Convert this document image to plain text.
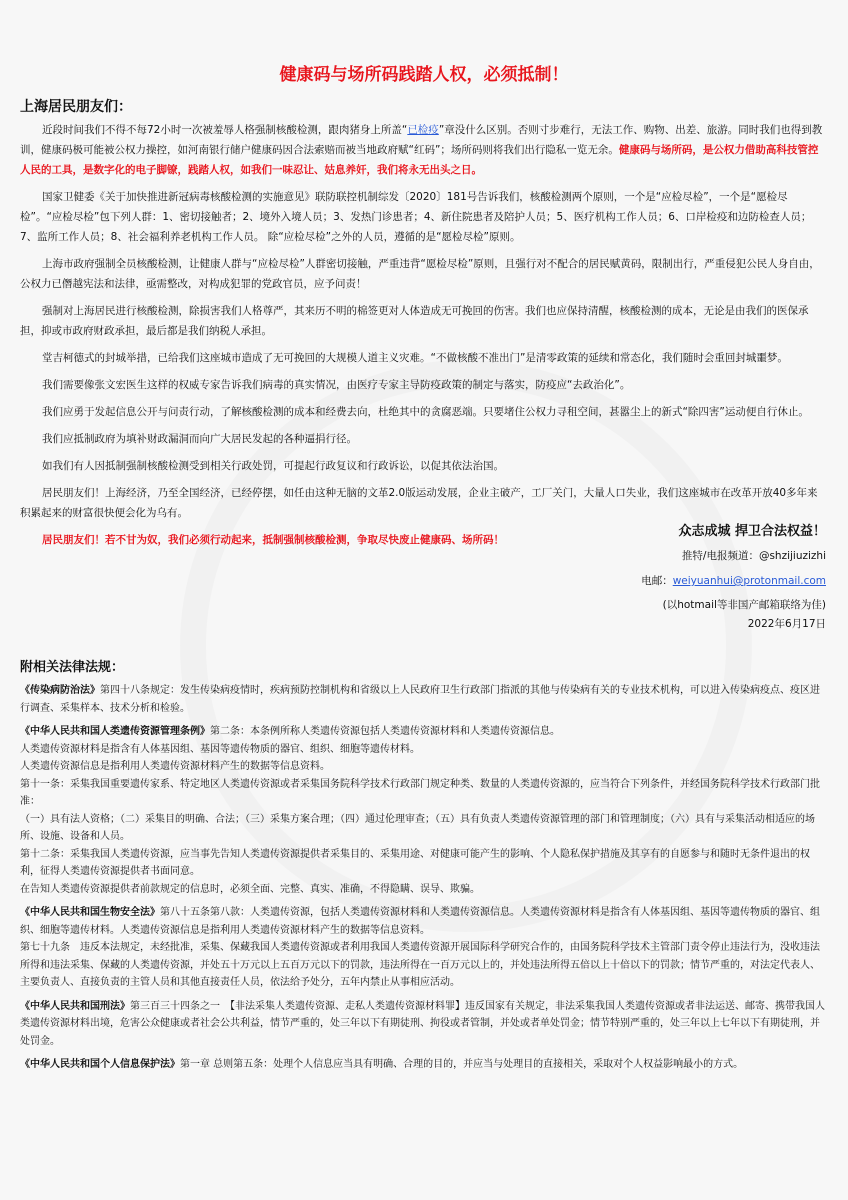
健康码与场所码践踏人权，必须抵制！
上海居民朋友们：

近段时间我们不得不每72小时一次被羞辱人格强制核酸检测，跟肉猪身上所盖“已检疫”章没什么区别。否则寸步难行，无法工作、购物、出差、旅游。同时我们也得到教训，健康码极可能被公权力操控，如河南银行储户健康码因合法索赔而被当地政府赋“红码”；场所码则将我们出行隐私一览无余。健康码与场所码，是公权力借助高科技管控人民的工具，是数字化的电子脚镣，践踏人权，如我们一味忍让、姑息养奸，我们将永无出头之日。

国家卫健委《关于加快推进新冠病毒核酸检测的实施意见》联防联控机制综发〔2020〕181号告诉我们，核酸检测两个原则，一个是“应检尽检”，一个是“愿检尽检”。“应检尽检”包下列人群：1、密切接触者；2、境外入境人员；3、发热门诊患者；4、新住院患者及陪护人员；5、医疗机构工作人员；6、口岸检疫和边防检查人员；7、监所工作人员；8、社会福利养老机构工作人员。 除“应检尽检”之外的人员，遵循的是“愿检尽检”原则。

上海市政府强制全员核酸检测，让健康人群与“应检尽检”人群密切接触，严重违背“愿检尽检”原则，且强行对不配合的居民赋黄码，限制出行，严重侵犯公民人身自由，公权力已僭越宪法和法律，亟需整改，对构成犯罪的党政官员，应予问责！

强制对上海居民进行核酸检测，除损害我们人格尊严，其来历不明的棉签更对人体造成无可挽回的伤害。我们也应保持清醒，核酸检测的成本，无论是由我们的医保承担，抑或市政府财政承担，最后都是我们纳税人承担。

堂吉柯德式的封城举措，已给我们这座城市造成了无可挽回的大规模人道主义灾难。“不做核酸不准出门”是清零政策的延续和常态化，我们随时会重回封城噩梦。

我们需要像张文宏医生这样的权威专家告诉我们病毒的真实情况，由医疗专家主导防疫政策的制定与落实，防疫应“去政治化”。

我们应勇于发起信息公开与问责行动，了解核酸检测的成本和经费去向，杜绝其中的贪腐恶端。只要堵住公权力寻租空间，甚嚣尘上的新式“除四害”运动便自行休止。

我们应抵制政府为填补财政漏洞而向广大居民发起的各种逼捐行径。

如我们有人因抵制强制核酸检测受到相关行政处罚，可提起行政复议和行政诉讼，以促其依法治国。

居民朋友们！上海经济，乃至全国经济，已经停摆，如任由这种无脑的文革2.0版运动发展，企业主破产，工厂关门，大量人口失业，我们这座城市在改革开放40多年来积累起来的财富很快便会化为乌有。

居民朋友们！若不甘为奴，我们必须行动起来，抵制强制核酸检测，争取尽快废止健康码、场所码！

众志成城 捍卫合法权益！
推特/电报频道：@shzijiuzizhi
电邮：weiyuanhui@protonmail.com
(以hotmail等非国产邮箱联络为佳)
2022年6月17日
附相关法律法规：

《传染病防治法》第四十八条规定：发生传染病疫情时，疾病预防控制机构和省级以上人民政府卫生行政部门指派的其他与传染病有关的专业技术机构，可以进入传染病疫点、疫区进行调查、采集样本、技术分析和检验。

《中华人民共和国人类遗传资源管理条例》第二条：本条例所称人类遗传资源包括人类遗传资源材料和人类遗传资源信息。

人类遗传资源材料是指含有人体基因组、基因等遗传物质的器官、组织、细胞等遗传材料。

人类遗传资源信息是指利用人类遗传资源材料产生的数据等信息资料。

第十一条：采集我国重要遗传家系、特定地区人类遗传资源或者采集国务院科学技术行政部门规定种类、数量的人类遗传资源的，应当符合下列条件，并经国务院科学技术行政部门批准：

（一）具有法人资格；（二）采集目的明确、合法；（三）采集方案合理；（四）通过伦理审查；（五）具有负责人类遗传资源管理的部门和管理制度；（六）具有与采集活动相适应的场所、设施、设备和人员。

第十二条：采集我国人类遗传资源，应当事先告知人类遗传资源提供者采集目的、采集用途、对健康可能产生的影响、个人隐私保护措施及其享有的自愿参与和随时无条件退出的权利，征得人类遗传资源提供者书面同意。

在告知人类遗传资源提供者前款规定的信息时，必须全面、完整、真实、准确，不得隐瞒、误导、欺骗。

《中华人民共和国生物安全法》第八十五条第八款：人类遗传资源，包括人类遗传资源材料和人类遗传资源信息。人类遗传资源材料是指含有人体基因组、基因等遗传物质的器官、组织、细胞等遗传材料。人类遗传资源信息是指利用人类遗传资源材料产生的数据等信息资料。

第七十九条　违反本法规定，未经批准，采集、保藏我国人类遗传资源或者利用我国人类遗传资源开展国际科学研究合作的，由国务院科学技术主管部门责令停止违法行为，没收违法所得和违法采集、保藏的人类遗传资源，并处五十万元以上五百万元以下的罚款，违法所得在一百万元以上的，并处违法所得五倍以上十倍以下的罚款；情节严重的，对法定代表人、主要负责人、直接负责的主管人员和其他直接责任人员，依法给予处分，五年内禁止从事相应活动。

《中华人民共和国刑法》第三百三十四条之一　【非法采集人类遗传资源、走私人类遗传资源材料罪】违反国家有关规定，非法采集我国人类遗传资源或者非法运送、邮寄、携带我国人类遗传资源材料出境，危害公众健康或者社会公共利益，情节严重的，处三年以下有期徒刑、拘役或者管制，并处或者单处罚金；情节特别严重的，处三年以上七年以下有期徒刑，并处罚金。

《中华人民共和国个人信息保护法》第一章 总则第五条：处理个人信息应当具有明确、合理的目的，并应当与处理目的直接相关，采取对个人权益影响最小的方式。
